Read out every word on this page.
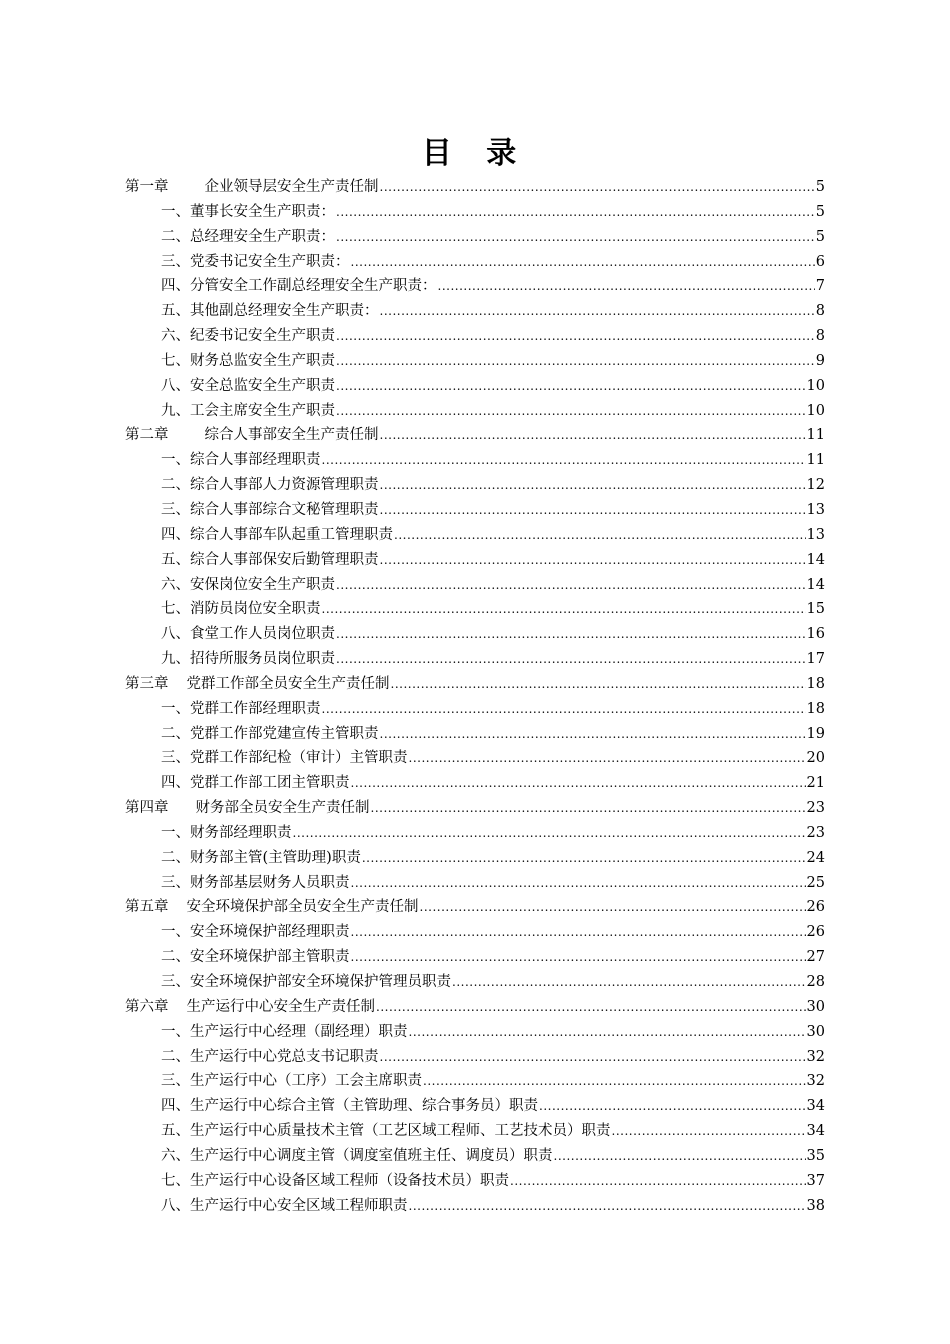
目 录
第一章 企业领导层安全生产责任制 .....	5
一、董事长安全生产职责： .....	5
二、总经理安全生产职责： .....	5
三、党委书记安全生产职责： .....	6
四、分管安全工作副总经理安全生产职责： .....	7
五、其他副总经理安全生产职责： .....	8
六、纪委书记安全生产职责 .....	8
七、财务总监安全生产职责 .....	9
八、安全总监安全生产职责 .....	10
九、工会主席安全生产职责 .....	10
第二章 综合人事部安全生产责任制 .....	11
一、综合人事部经理职责 .....	11
二、综合人事部人力资源管理职责 .....	12
三、综合人事部综合文秘管理职责 .....	13
四、综合人事部车队起重工管理职责 .....	13
五、综合人事部保安后勤管理职责 .....	14
六、安保岗位安全生产职责 .....	14
七、消防员岗位安全职责 .....	15
八、食堂工作人员岗位职责 .....	16
九、招待所服务员岗位职责 .....	17
第三章 党群工作部全员安全生产责任制 .....	18
一、党群工作部经理职责 .....	18
二、党群工作部党建宣传主管职责 .....	19
三、党群工作部纪检（审计）主管职责 .....	20
四、党群工作部工团主管职责 .....	21
第四章 财务部全员安全生产责任制 .....	23
一、财务部经理职责 .....	23
二、财务部主管(主管助理)职责 .....	24
三、财务部基层财务人员职责 .....	25
第五章 安全环境保护部全员安全生产责任制 .....	26
一、安全环境保护部经理职责 .....	26
二、安全环境保护部主管职责 .....	27
三、安全环境保护部安全环境保护管理员职责 .....	28
第六章 生产运行中心安全生产责任制 .....	30
一、生产运行中心经理（副经理）职责 .....	30
二、生产运行中心党总支书记职责 .....	32
三、生产运行中心（工序）工会主席职责 .....	32
四、生产运行中心综合主管（主管助理、综合事务员）职责 .....	34
五、生产运行中心质量技术主管（工艺区域工程师、工艺技术员）职责 .....	34
六、生产运行中心调度主管（调度室值班主任、调度员）职责 .....	35
七、生产运行中心设备区域工程师（设备技术员）职责 .....	37
八、生产运行中心安全区域工程师职责 .....	38
